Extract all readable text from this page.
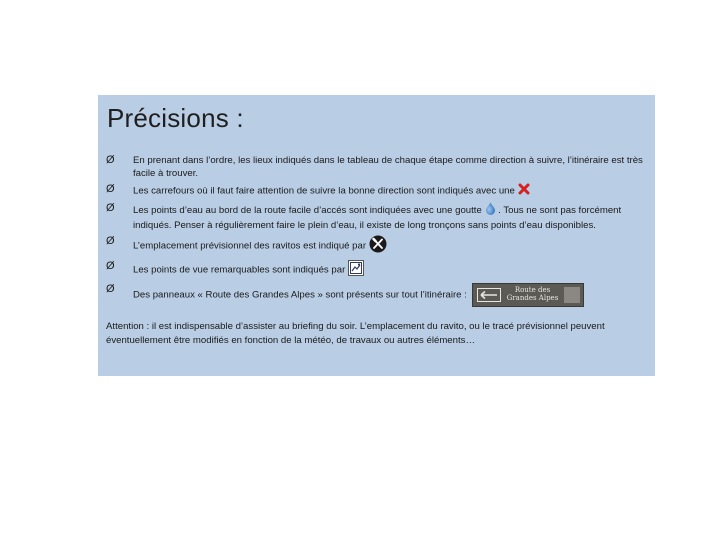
Précisions :
Ø En prenant dans l’ordre, les lieux indiqués dans le tableau de chaque étape comme direction à suivre, l’itinéraire est très facile à trouver.
Ø Les carrefours où il faut faire attention de suivre la bonne direction sont indiqués avec une
Ø Les points d’eau au bord de la route facile d’accés sont indiquées avec une goutte . Tous ne sont pas forcément indiqués. Penser à régulièrement faire le plein d’eau, il existe de long tronçons sans points d’eau disponibles.
Ø L’emplacement prévisionnel des ravitos est indiqué par
Ø Les points de vue remarquables sont indiqués par
Ø
Des panneaux « Route des Grandes Alpes » sont présents sur tout l’itinéraire :	Route des
Grandes Alpes
Attention : il est indispensable d’assister au briefing du soir. L’emplacement du ravito, ou le tracé prévisionnel peuvent éventuellement être modifiés en fonction de la météo, de travaux ou autres éléments…
